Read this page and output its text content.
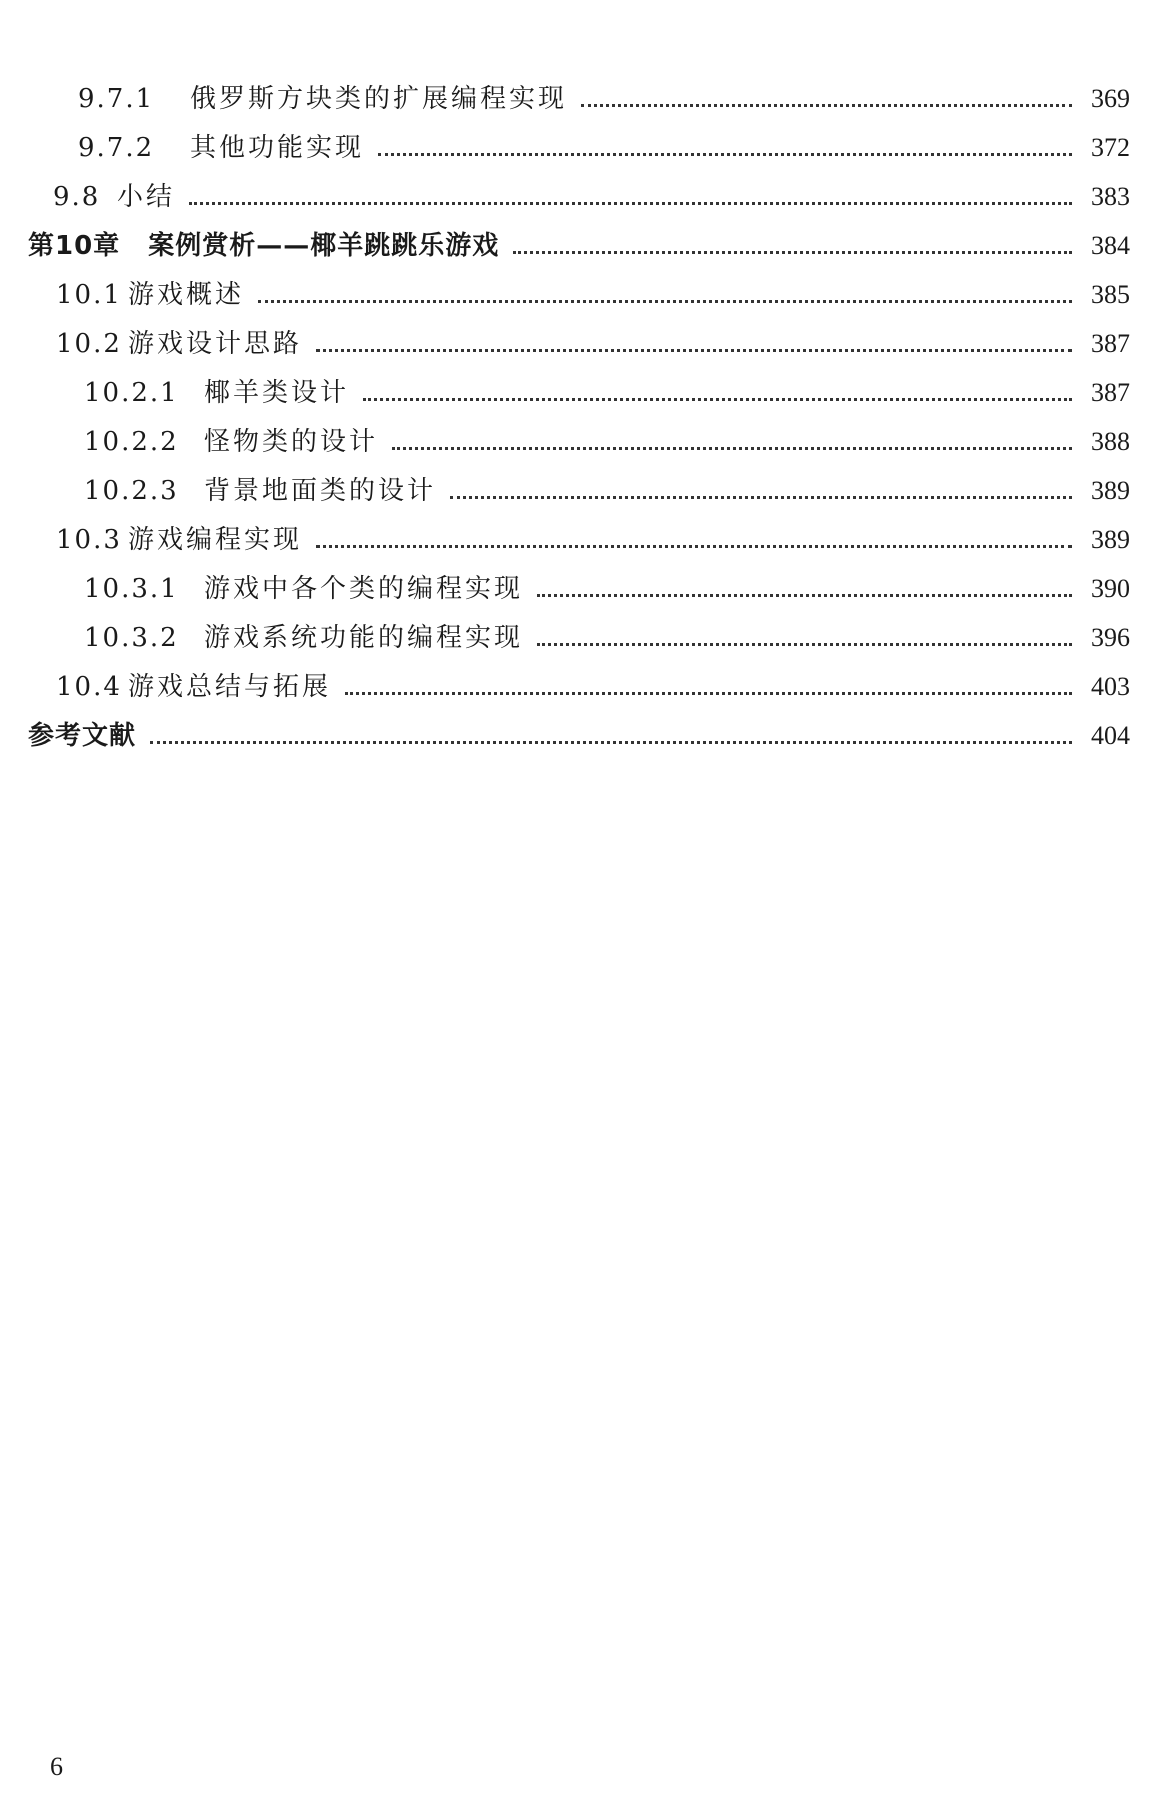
9.7.1	俄罗斯方块类的扩展编程实现	369
9.7.2	其他功能实现	372
9.8 小结	383
第10章 案例赏析——椰羊跳跳乐游戏	384
10.1 游戏概述	385
10.2 游戏设计思路	387
10.2.1 椰羊类设计	387
10.2.2 怪物类的设计	388
10.2.3 背景地面类的设计	389
10.3 游戏编程实现	389
10.3.1 游戏中各个类的编程实现	390
10.3.2 游戏系统功能的编程实现	396
10.4 游戏总结与拓展	403
参考文献	404
6
